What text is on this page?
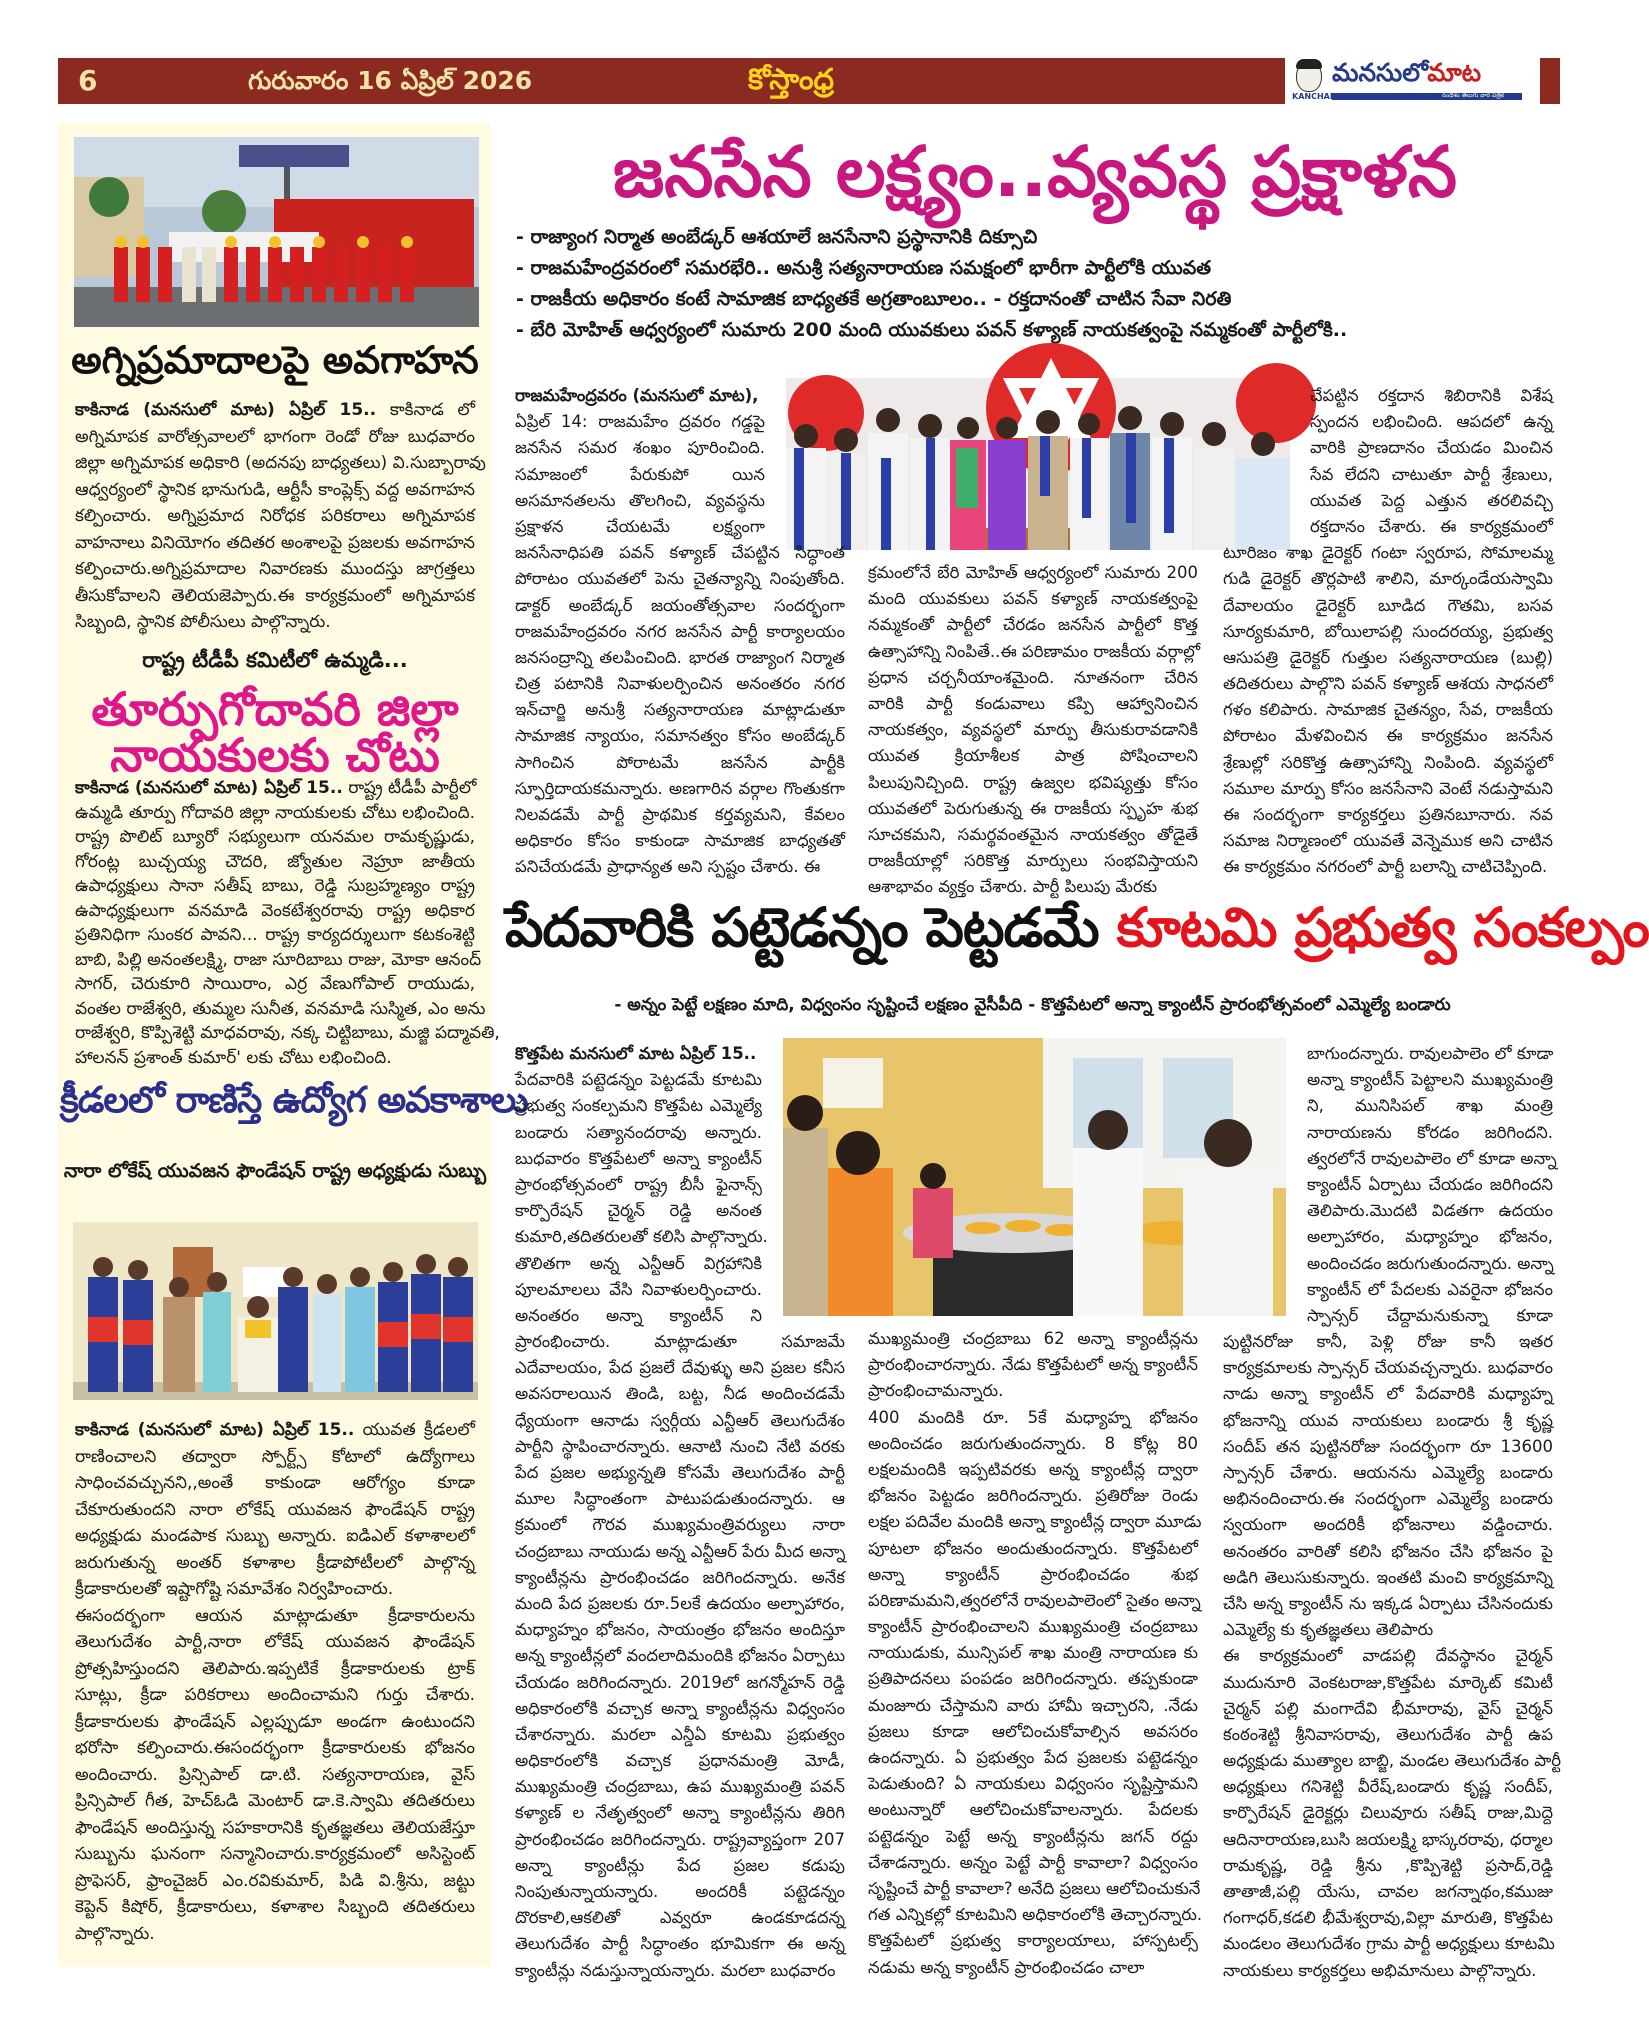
6	గురువారం 16 ఏప్రిల్ 2026	కోస్తాంధ్ర	మనసులోమాట
KANCHARLA	సందేశం తెలుగు వార పత్రిక
అగ్నిప్రమాదాలపై అవగాహన
కాకినాడ (మనసులో మాట) ఏప్రిల్ 15.. కాకినాడ లో
అగ్నిమాపక వారోత్సవాలలో భాగంగా రెండో రోజు బుధవారం
జిల్లా అగ్నిమాపక అధికారి (అదనపు బాధ్యతలు) వి.సుబ్బారావు
ఆధ్వర్యంలో స్థానిక భానుగుడి, ఆర్టీసీ కాంప్లెక్స్ వద్ద అవగాహన
కల్పించారు. అగ్నిప్రమాద నిరోధక పరికరాలు అగ్నిమాపక
వాహనాలు వినియోగం తదితర అంశాలపై ప్రజలకు అవగాహన
కల్పించారు.అగ్నిప్రమాదాల నివారణకు ముందస్తు జాగ్రత్తలు
తీసుకోవాలని తెలియజెప్పారు.ఈ కార్యక్రమంలో అగ్నిమాపక
సిబ్బంది, స్థానిక పోలీసులు పాల్గొన్నారు.
రాష్ట్ర టీడీపీ కమిటీలో ఉమ్మడి...
తూర్పుగోదావరి జిల్లా
నాయకులకు చోటు
కాకినాడ (మనసులో మాట) ఏప్రిల్ 15.. రాష్ట్ర టీడీపీ పార్టీలో
ఉమ్మడి తూర్పు గోదావరి జిల్లా నాయకులకు చోటు లభించింది.
రాష్ట్ర పొలిట్ బ్యూరో సభ్యులుగా యనమల రామకృష్ణుడు,
గోరంట్ల బుచ్చయ్య చౌదరి, జ్యోతుల నెహ్రూ జాతీయ
ఉపాధ్యక్షులు సానా సతీష్ బాబు, రెడ్డి సుబ్రహ్మణ్యం రాష్ట్ర
ఉపాధ్యక్షులుగా వనమాడి వెంకటేశ్వరరావు రాష్ట్ర అధికార
ప్రతినిధిగా సుంకర పావని... రాష్ట్ర కార్యదర్శులుగా కటకంశెట్టి
బాబి, పిల్లి అనంతలక్ష్మి, రాజా సూరిబాబు రాజు, మోకా ఆనంద్
సాగర్, చెరుకూరి సాయిరాం, ఎర్ర వేణుగోపాల్ రాయుడు,
వంతల రాజేశ్వరి, తుమ్మల సునీత, వనమాడి సుస్మిత, ఎం అను
రాజేశ్వరి, కొప్పిశెట్టి మాధవరావు, నక్క చిట్టిబాబు, మజ్జి పద్మావతి,
హాలనన్ ప్రశాంత్ కుమార్' లకు చోటు లభించింది.
క్రీడలలో రాణిస్తే ఉద్యోగ అవకాశాలు
నారా లోకేష్ యువజన ఫౌండేషన్ రాష్ట్ర అధ్యక్షుడు సుబ్బు
కాకినాడ (మనసులో మాట) ఏప్రిల్ 15.. యువత క్రీడలలో
రాణించాలని తద్వారా స్పోర్ట్స్ కోటాలో ఉద్యోగాలు
సాధించవచ్చునని,,అంతే కాకుండా ఆరోగ్యం కూడా
చేకూరుతుందని నారా లోకేష్ యువజన ఫౌండేషన్ రాష్ట్ర
అధ్యక్షుడు మండపాక సుబ్బు అన్నారు. ఐడిఎల్ కళాశాలలో
జరుగుతున్న అంతర్ కళాశాల క్రీడాపోటీలలో పాల్గొన్న
క్రీడాకారులతో ఇష్టాగోష్టి సమావేశం నిర్వహించారు.
ఈసందర్భంగా ఆయన మాట్లాడుతూ క్రీడాకారులను
తెలుగుదేశం పార్టీ,నారా లోకేష్ యువజన ఫౌండేషన్
ప్రోత్సహిస్తుందని తెలిపారు.ఇప్పటికే క్రీడాకారులకు ట్రాక్
సూట్లు, క్రీడా పరికరాలు అందించామని గుర్తు చేశారు.
క్రీడాకారులకు ఫౌండేషన్ ఎల్లప్పుడూ అండగా ఉంటుందని
భరోసా కల్పించారు.ఈసందర్భంగా క్రీడాకారులకు భోజనం
అందించారు. ప్రిన్సిపాల్ డా.టి. సత్యనారాయణ, వైస్
ప్రిన్సిపాల్ గీత, హెచ్ఓడి మెంటార్ డా.కె.స్వామి తదితరులు
ఫౌండేషన్ అందిస్తున్న సహకారానికి కృతజ్ఞతలు తెలియజేస్తూ
సుబ్బును ఘనంగా సన్మానించారు.కార్యక్రమంలో అసిస్టెంట్
ప్రొఫెసర్, ఫ్రాంచైజర్ ఎం.రవికుమార్, పిడి వి.శ్రీను, జట్టు
కెప్టెన్ కిషోర్, క్రీడాకారులు, కళాశాల సిబ్బంది తదితరులు
పాల్గొన్నారు.
జనసేన లక్ష్యం..వ్యవస్థ ప్రక్షాళన
- రాజ్యాంగ నిర్మాత అంబేడ్కర్ ఆశయాలే జనసేనాని ప్రస్థానానికి దిక్సూచి
- రాజమహేంద్రవరంలో సమరభేరి.. అనుశ్రీ సత్యనారాయణ సమక్షంలో భారీగా పార్టీలోకి యువత
- రాజకీయ అధికారం కంటే సామాజిక బాధ్యతకే అగ్రతాంబూలం.. - రక్తదానంతో చాటిన సేవా నిరతి
- బేరి మోహిత్ ఆధ్వర్యంలో సుమారు 200 మంది యువకులు పవన్ కళ్యాణ్ నాయకత్వంపై నమ్మకంతో పార్టీలోకి..
రాజమహేంద్రవరం (మనసులో మాట),
ఏప్రిల్ 14: రాజమహేం ద్రవరం గడ్డపై
జనసేన సమర శంఖం పూరించింది.
సమాజంలో పేరుకుపో యిన
అసమానతలను తొలగించి, వ్యవస్థను
ప్రక్షాళన చేయటమే లక్ష్యంగా
జనసేనాధిపతి పవన్ కళ్యాణ్ చేపట్టిన సిద్ధాంత
పోరాటం యువతలో పెను చైతన్యాన్ని నింపుతోంది.
డాక్టర్ అంబేడ్కర్ జయంతోత్సవాల సందర్భంగా
రాజమహేంద్రవరం నగర జనసేన పార్టీ కార్యాలయం
జనసంద్రాన్ని తలపించింది. భారత రాజ్యాంగ నిర్మాత
చిత్ర పటానికి నివాళులర్పించిన అనంతరం నగర
ఇన్‌చార్జి అనుశ్రీ సత్యనారాయణ మాట్లాడుతూ
సామాజిక న్యాయం, సమానత్వం కోసం అంబేడ్కర్
సాగించిన పోరాటమే జనసేన పార్టీకి
స్ఫూర్తిదాయకమన్నారు. అణగారిన వర్గాల గొంతుకగా
నిలవడమే పార్టీ ప్రాథమిక కర్తవ్యమని, కేవలం
అధికారం కోసం కాకుండా సామాజిక బాధ్యతతో
పనిచేయడమే ప్రాధాన్యత అని స్పష్టం చేశారు. ఈ
క్రమంలోనే బేరి మోహిత్ ఆధ్వర్యంలో సుమారు 200
మంది యువకులు పవన్ కళ్యాణ్ నాయకత్వంపై
నమ్మకంతో పార్టీలో చేరడం జనసేన పార్టీలో కొత్త
ఉత్సాహాన్ని నింపితే..ఈ పరిణామం రాజకీయ వర్గాల్లో
ప్రధాన చర్చనీయాంశమైంది. నూతనంగా చేరిన
వారికి పార్టీ కండువాలు కప్పి ఆహ్వానించిన
నాయకత్వం, వ్యవస్థలో మార్పు తీసుకురావడానికి
యువత క్రియాశీలక పాత్ర పోషించాలని
పిలుపునిచ్చింది. రాష్ట్ర ఉజ్వల భవిష్యత్తు కోసం
యువతలో పెరుగుతున్న ఈ రాజకీయ స్పృహ శుభ
సూచకమని, సమర్థవంతమైన నాయకత్వం తోడైతే
రాజకీయాల్లో సరికొత్త మార్పులు సంభవిస్తాయని
ఆశాభావం వ్యక్తం చేశారు. పార్టీ పిలుపు మేరకు
చేపట్టిన రక్తదాన శిబిరానికి విశేష
స్పందన లభించింది. ఆపదలో ఉన్న
వారికి ప్రాణదానం చేయడం మించిన
సేవ లేదని చాటుతూ పార్టీ శ్రేణులు,
యువత పెద్ద ఎత్తున తరలివచ్చి
రక్తదానం చేశారు. ఈ కార్యక్రమంలో
టూరిజం శాఖ డైరెక్టర్ గంటా స్వరూప, సోమాలమ్మ
గుడి డైరెక్టర్ తొర్లపాటి శాలిని, మార్కండేయస్వామి
దేవాలయం డైరెక్టర్ బూడిద గౌతమి, బసవ
సూర్యకుమారి, బోయిలాపల్లి సుందరయ్య, ప్రభుత్వ
ఆసుపత్రి డైరెక్టర్ గుత్తుల సత్యనారాయణ (బుల్లి)
తదితరులు పాల్గొని పవన్ కళ్యాణ్ ఆశయ సాధనలో
గళం కలిపారు. సామాజిక చైతన్యం, సేవ, రాజకీయ
పోరాటం మేళవించిన ఈ కార్యక్రమం జనసేన
శ్రేణుల్లో సరికొత్త ఉత్సాహాన్ని నింపింది. వ్యవస్థలో
సమూల మార్పు కోసం జనసేనాని వెంటే నడుస్తామని
ఈ సందర్భంగా కార్యకర్తలు ప్రతినబూనారు. నవ
సమాజ నిర్మాణంలో యువతే వెన్నెముక అని చాటిన
ఈ కార్యక్రమం నగరంలో పార్టీ బలాన్ని చాటిచెప్పింది.
పేదవారికి పట్టెడన్నం పెట్టడమే కూటమి ప్రభుత్వ సంకల్పం
- అన్నం పెట్టే లక్షణం మాది, విధ్వంసం సృష్టించే లక్షణం వైసీపీది - కొత్తపేటలో అన్నా క్యాంటీన్ ప్రారంభోత్సవంలో ఎమ్మెల్యే బండారు
కొత్తపేట మనసులో మాట ఏప్రిల్ 15..
పేదవారికి పట్టెడన్నం పెట్టడమే కూటమి
ప్రభుత్వ సంకల్పమని కొత్తపేట ఎమ్మెల్యే
బండారు సత్యానందరావు అన్నారు.
బుధవారం కొత్తపేటలో అన్నా క్యాంటీన్
ప్రారంభోత్సవంలో రాష్ట్ర బీసీ ఫైనాన్స్
కార్పొరేషన్ చైర్మన్ రెడ్డి అనంత
కుమారి,తదితరులతో కలిసి పాల్గొన్నారు.
తొలితగా అన్న ఎన్టీఆర్ విగ్రహానికి
పూలమాలలు వేసి నివాళులర్పించారు.
అనంతరం అన్నా క్యాంటీన్ ని
ప్రారంభించారు. మాట్లాడుతూ సమాజమే
ఎదేవాలయం, పేద ప్రజలే దేవుళ్ళు అని ప్రజల కనీస
అవసరాలయిన తిండి, బట్ట, నీడ అందించడమే
ధ్యేయంగా ఆనాడు స్వర్గీయ ఎన్టీఆర్ తెలుగుదేశం
పార్టీని స్థాపించారన్నారు. ఆనాటి నుంచి నేటి వరకు
పేద ప్రజల అభ్యున్నతి కోసమే తెలుగుదేశం పార్టీ
మూల సిద్ధాంతంగా పాటుపడుతుందన్నారు. ఆ
క్రమంలో గౌరవ ముఖ్యమంత్రివర్యులు నారా
చంద్రబాబు నాయుడు అన్న ఎన్టీఆర్ పేరు మీద అన్నా
క్యాంటీన్లను ప్రారంభించడం జరిగిందన్నారు. అనేక
మంది పేద ప్రజలకు రూ.5లకే ఉదయం అల్పాహారం,
మధ్యాహ్నం భోజనం, సాయంత్రం భోజనం అందిస్తూ
అన్న క్యాంటీన్లలో వందలాదిమందికి భోజనం ఏర్పాటు
చేయడం జరిగిందన్నారు. 2019లో జగన్మోహన్ రెడ్డి
అధికారంలోకి వచ్చాక అన్నా క్యాంటీన్లను విధ్వంసం
చేశారన్నారు. మరలా ఎన్డీఏ కూటమి ప్రభుత్వం
అధికారంలోకి వచ్చాక ప్రధానమంత్రి మోడీ,
ముఖ్యమంత్రి చంద్రబాబు, ఉప ముఖ్యమంత్రి పవన్
కళ్యాణ్ ల నేతృత్వంలో అన్నా క్యాంటీన్లను తిరిగి
ప్రారంభించడం జరిగిందన్నారు. రాష్ట్రవ్యాప్తంగా 207
అన్నా క్యాంటీన్లు పేద ప్రజల కడుపు
నింపుతున్నాయన్నారు. అందరికీ పట్టెడన్నం
దొరకాలి,ఆకలితో ఎవ్వరూ ఉండకూడదన్న
తెలుగుదేశం పార్టీ సిద్ధాంతం భూమికగా ఈ అన్న
క్యాంటీన్లు నడుస్తున్నాయన్నారు. మరలా బుధవారం
ముఖ్యమంత్రి చంద్రబాబు 62 అన్నా క్యాంటీన్లను
ప్రారంభించారన్నారు. నేడు కొత్తపేటలో అన్న క్యాంటీన్
ప్రారంభించామన్నారు.
400 మందికి రూ. 5కే మధ్యాహ్న భోజనం
అందించడం జరుగుతుందన్నారు. 8 కోట్ల 80
లక్షలమందికి ఇప్పటివరకు అన్న క్యాంటీన్ల ద్వారా
భోజనం పెట్టడం జరిగిందన్నారు. ప్రతిరోజు రెండు
లక్షల పదివేల మందికి అన్నా క్యాంటీన్ల ద్వారా మూడు
పూటలా భోజనం అందుతుందన్నారు. కొత్తపేటలో
అన్నా క్యాంటీన్ ప్రారంభించడం శుభ
పరిణామమని,త్వరలోనే రావులపాలెంలో సైతం అన్నా
క్యాంటీన్ ప్రారంభించాలని ముఖ్యమంత్రి చంద్రబాబు
నాయుడుకు, మున్సిపల్ శాఖ మంత్రి నారాయణ కు
ప్రతిపాదనలు పంపడం జరిగిందన్నారు. తప్పకుండా
మంజూరు చేస్తామని వారు హామీ ఇచ్చారని, .నేడు
ప్రజలు కూడా ఆలోచించుకోవాల్సిన అవసరం
ఉందన్నారు. ఏ ప్రభుత్వం పేద ప్రజలకు పట్టెడన్నం
పెడుతుంది? ఏ నాయకులు విధ్వంసం సృష్టిస్తామని
అంటున్నారో ఆలోచించుకోవాలన్నారు. పేదలకు
పట్టెడన్నం పెట్టే అన్న క్యాంటీన్లను జగన్ రద్దు
చేశాడన్నారు. అన్నం పెట్టే పార్టీ కావాలా? విధ్వంసం
సృష్టించే పార్టీ కావాలా? అనేది ప్రజలు ఆలోచించుకునే
గత ఎన్నికల్లో కూటమిని అధికారంలోకి తెచ్చారన్నారు.
కొత్తపేటలో ప్రభుత్వ కార్యాలయాలు, హాస్పటల్స్
నడుమ అన్న క్యాంటీన్ ప్రారంభించడం చాలా
బాగుందన్నారు. రావులపాలెం లో కూడా
అన్నా క్యాంటీన్ పెట్టాలని ముఖ్యమంత్రి
ని, మునిసిపల్ శాఖ మంత్రి
నారాయణను కోరడం జరిగిందని.
త్వరలోనే రావులపాలెం లో కూడా అన్నా
క్యాంటీన్ ఏర్పాటు చేయడం జరిగిందని
తెలిపారు.మొదటి విడతగా ఉదయం
అల్పాహారం, మధ్యాహ్నం భోజనం,
అందించడం జరుగుతుందన్నారు. అన్నా
క్యాంటీన్ లో పేదలకు ఎవరైనా భోజనం
స్పాన్సర్ చేద్దామనుకున్నా కూడా
పుట్టినరోజు కానీ, పెళ్లి రోజు కానీ ఇతర
కార్యక్రమాలకు స్పాన్సర్ చేయవచ్చన్నారు. బుధవారం
నాడు అన్నా క్యాంటీన్ లో పేదవారికి మధ్యాహ్న
భోజనాన్ని యువ నాయకులు బండారు శ్రీ కృష్ణ
సందీప్ తన పుట్టినరోజు సందర్భంగా రూ 13600
స్పాన్సర్ చేశారు. ఆయనను ఎమ్మెల్యే బండారు
అభినందించారు.ఈ సందర్భంగా ఎమ్మెల్యే బండారు
స్వయంగా అందరికీ భోజనాలు వడ్డించారు.
అనంతరం వారితో కలిసి భోజనం చేసి భోజనం పై
అడిగి తెలుసుకున్నారు. ఇంతటి మంచి కార్యక్రమాన్ని
చేసి అన్న క్యాంటీన్ ను ఇక్కడ ఏర్పాటు చేసినందుకు
ఎమ్మెల్యే కు కృతజ్ఞతలు తెలిపారు
ఈ కార్యక్రమంలో వాడపల్లి దేవస్థానం చైర్మన్
ముదునూరి వెంకటరాజు,కొత్తపేట మార్కెట్ కమిటీ
చైర్మన్ పల్లి మంగాదేవి భీమారావు, వైస్ చైర్మన్
కంఠంశెట్టి శ్రీనివాసరావు, తెలుగుదేశం పార్టీ ఉప
అధ్యక్షుడు ముత్యాల బాబ్జి, మండల తెలుగుదేశం పార్టీ
అధ్యక్షులు గనిశెట్టి వీరేష్,బండారు కృష్ణ సందీప్,
కార్పొరేషన్ డైరెక్టర్లు చిలువూరు సతీష్ రాజు,మిద్దె
ఆదినారాయణ,బుసి జయలక్ష్మి భాస్కరరావు, ధర్మాల
రామకృష్ణ, రెడ్డి శ్రీను ,కొప్పిశెట్టి ప్రసాద్,రెడ్డి
తాతాజీ,పల్లి యేసు, చావల జగన్నాథం,కముజు
గంగాధర్,కడలి భీమేశ్వరావు,విల్లా మారుతి, కొత్తపేట
మండలం తెలుగుదేశం గ్రామ పార్టీ అధ్యక్షులు కూటమి
నాయకులు కార్యకర్తలు అభిమానులు పాల్గొన్నారు.
